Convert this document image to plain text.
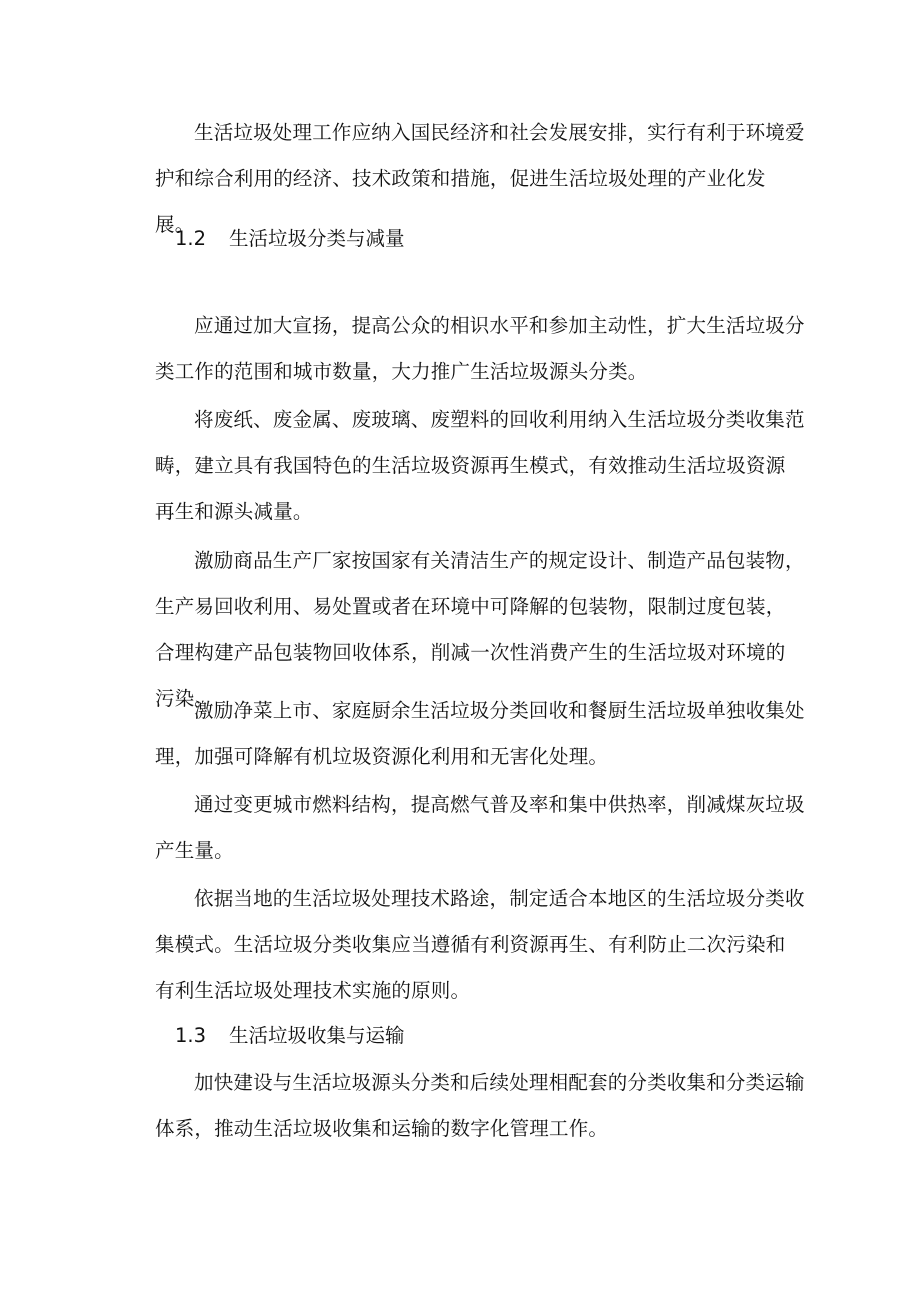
生活垃圾处理工作应纳入国民经济和社会发展安排，实行有利于环境爱护和综合利用的经济、技术政策和措施，促进生活垃圾处理的产业化发展。

1.2 生活垃圾分类与减量

应通过加大宣扬，提高公众的相识水平和参加主动性，扩大生活垃圾分类工作的范围和城市数量，大力推广生活垃圾源头分类。

将废纸、废金属、废玻璃、废塑料的回收利用纳入生活垃圾分类收集范畴，建立具有我国特色的生活垃圾资源再生模式，有效推动生活垃圾资源再生和源头减量。

激励商品生产厂家按国家有关清洁生产的规定设计、制造产品包装物，生产易回收利用、易处置或者在环境中可降解的包装物，限制过度包装，合理构建产品包装物回收体系，削减一次性消费产生的生活垃圾对环境的污染。

激励净菜上市、家庭厨余生活垃圾分类回收和餐厨生活垃圾单独收集处理，加强可降解有机垃圾资源化利用和无害化处理。

通过变更城市燃料结构，提高燃气普及率和集中供热率，削减煤灰垃圾产生量。

依据当地的生活垃圾处理技术路途，制定适合本地区的生活垃圾分类收集模式。生活垃圾分类收集应当遵循有利资源再生、有利防止二次污染和有利生活垃圾处理技术实施的原则。

1.3 生活垃圾收集与运输

加快建设与生活垃圾源头分类和后续处理相配套的分类收集和分类运输体系，推动生活垃圾收集和运输的数字化管理工作。
